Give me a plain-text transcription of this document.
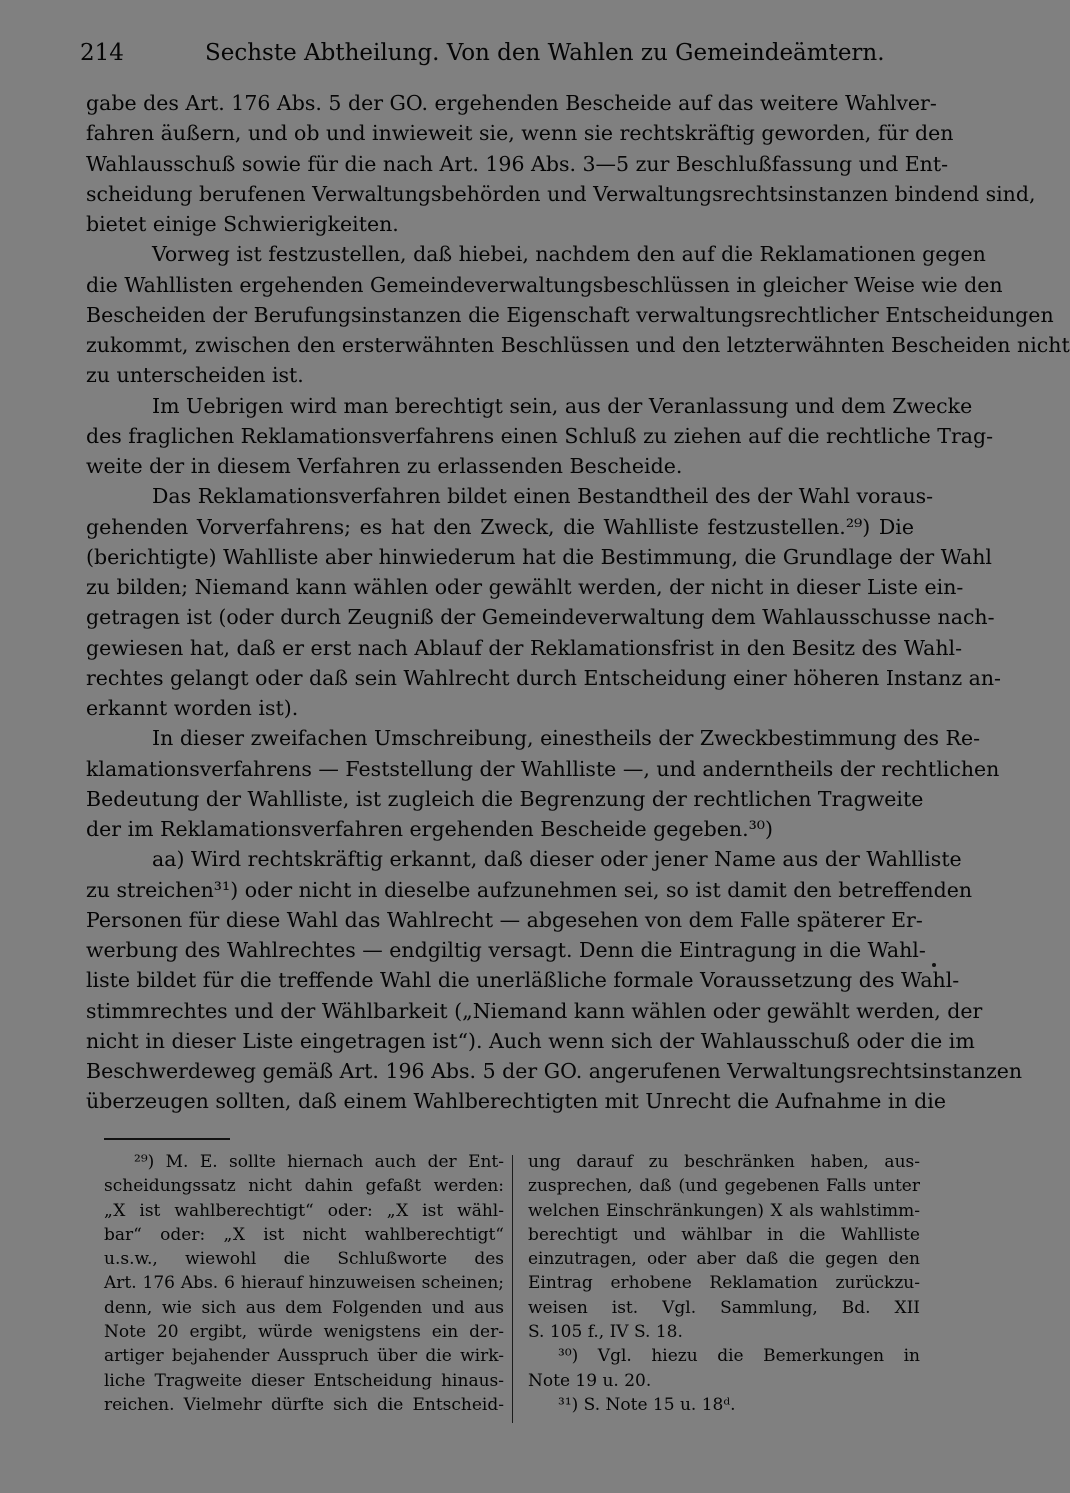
214	Sechste Abtheilung. Von den Wahlen zu Gemeindeämtern.
gabe des Art. 176 Abs. 5 der GO. ergehenden Bescheide auf das weitere Wahlver-
fahren äußern, und ob und inwieweit sie, wenn sie rechtskräftig geworden, für den
Wahlausschuß sowie für die nach Art. 196 Abs. 3—5 zur Beschlußfassung und Ent-
scheidung berufenen Verwaltungsbehörden und Verwaltungsrechtsinstanzen bindend sind,
bietet einige Schwierigkeiten.
Vorweg ist festzustellen, daß hiebei, nachdem den auf die Reklamationen gegen
die Wahllisten ergehenden Gemeindeverwaltungsbeschlüssen in gleicher Weise wie den
Bescheiden der Berufungsinstanzen die Eigenschaft verwaltungsrechtlicher Entscheidungen
zukommt, zwischen den ersterwähnten Beschlüssen und den letzterwähnten Bescheiden nicht
zu unterscheiden ist.
Im Uebrigen wird man berechtigt sein, aus der Veranlassung und dem Zwecke
des fraglichen Reklamationsverfahrens einen Schluß zu ziehen auf die rechtliche Trag-
weite der in diesem Verfahren zu erlassenden Bescheide.
Das Reklamationsverfahren bildet einen Bestandtheil des der Wahl voraus-
gehenden Vorverfahrens; es hat den Zweck, die Wahlliste festzustellen.²⁹) Die
(berichtigte) Wahlliste aber hinwiederum hat die Bestimmung, die Grundlage der Wahl
zu bilden; Niemand kann wählen oder gewählt werden, der nicht in dieser Liste ein-
getragen ist (oder durch Zeugniß der Gemeindeverwaltung dem Wahlausschusse nach-
gewiesen hat, daß er erst nach Ablauf der Reklamationsfrist in den Besitz des Wahl-
rechtes gelangt oder daß sein Wahlrecht durch Entscheidung einer höheren Instanz an-
erkannt worden ist).
In dieser zweifachen Umschreibung, einestheils der Zweckbestimmung des Re-
klamationsverfahrens — Feststellung der Wahlliste —, und anderntheils der rechtlichen
Bedeutung der Wahlliste, ist zugleich die Begrenzung der rechtlichen Tragweite
der im Reklamationsverfahren ergehenden Bescheide gegeben.³⁰)
aa) Wird rechtskräftig erkannt, daß dieser oder jener Name aus der Wahlliste
zu streichen³¹) oder nicht in dieselbe aufzunehmen sei, so ist damit den betreffenden
Personen für diese Wahl das Wahlrecht — abgesehen von dem Falle späterer Er-
werbung des Wahlrechtes — endgiltig versagt. Denn die Eintragung in die Wahl-
liste bildet für die treffende Wahl die unerläßliche formale Voraussetzung des Wahl-
stimmrechtes und der Wählbarkeit („Niemand kann wählen oder gewählt werden, der
nicht in dieser Liste eingetragen ist“). Auch wenn sich der Wahlausschuß oder die im
Beschwerdeweg gemäß Art. 196 Abs. 5 der GO. angerufenen Verwaltungsrechtsinstanzen
überzeugen sollten, daß einem Wahlberechtigten mit Unrecht die Aufnahme in die
²⁹) M. E. sollte hiernach auch der Ent-
scheidungssatz nicht dahin gefaßt werden:
„X ist wahlberechtigt“ oder: „X ist wähl-
bar“ oder: „X ist nicht wahlberechtigt“
u.s.w., wiewohl die Schlußworte des
Art. 176 Abs. 6 hierauf hinzuweisen scheinen;
denn, wie sich aus dem Folgenden und aus
Note 20 ergibt, würde wenigstens ein der-
artiger bejahender Ausspruch über die wirk-
liche Tragweite dieser Entscheidung hinaus-
reichen. Vielmehr dürfte sich die Entscheid-
ung darauf zu beschränken haben, aus-
zusprechen, daß (und gegebenen Falls unter
welchen Einschränkungen) X als wahlstimm-
berechtigt und wählbar in die Wahlliste
einzutragen, oder aber daß die gegen den
Eintrag erhobene Reklamation zurückzu-
weisen ist. Vgl. Sammlung, Bd. XII
S. 105 f., IV S. 18.
³⁰) Vgl. hiezu die Bemerkungen in
Note 19 u. 20.
³¹) S. Note 15 u. 18ᵈ.
